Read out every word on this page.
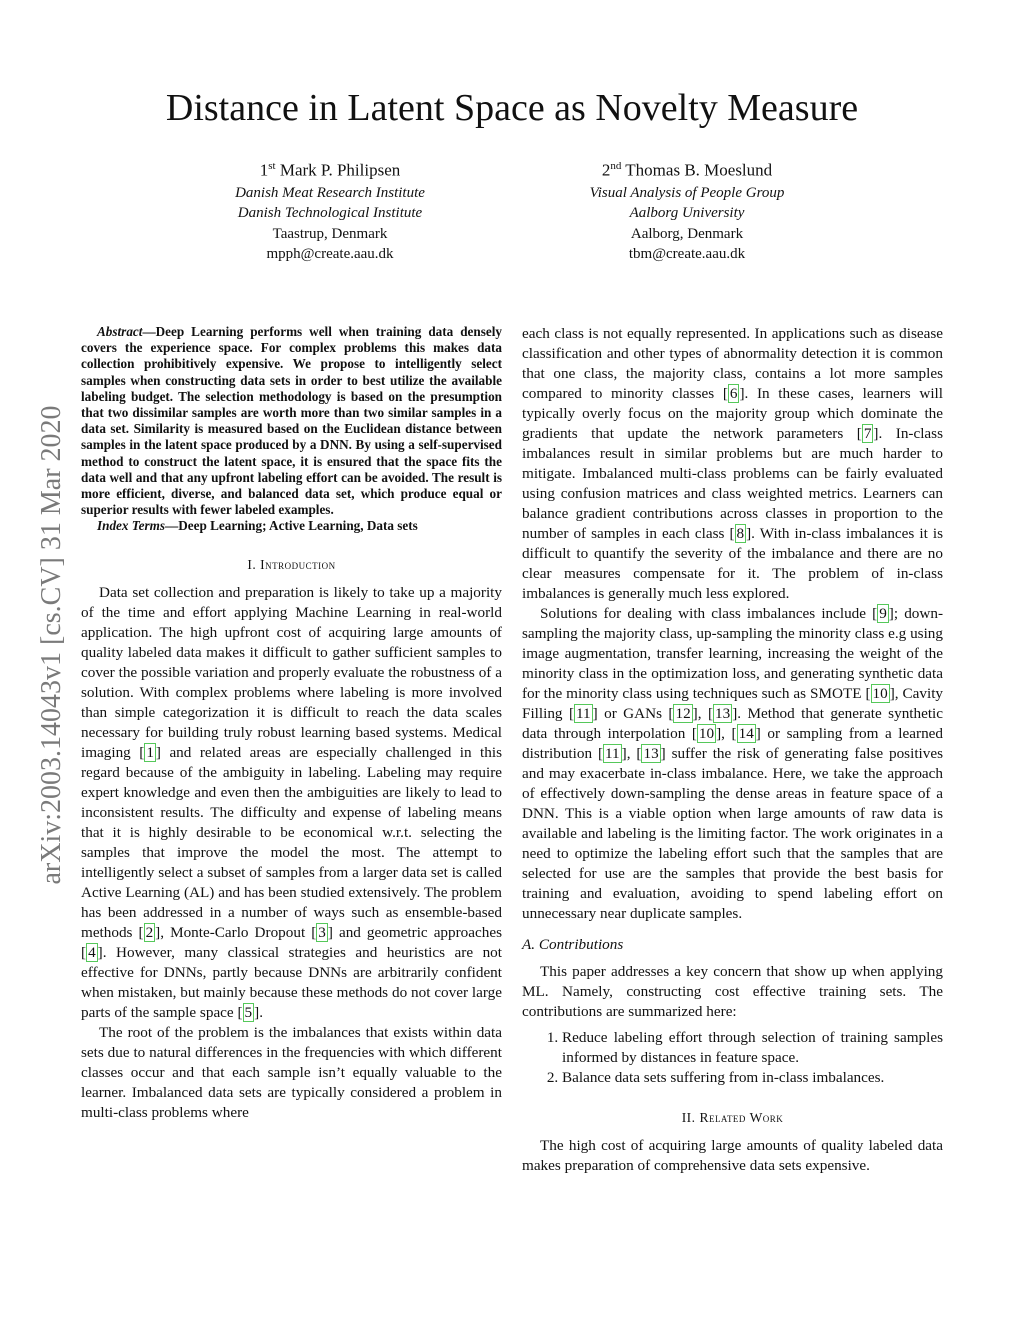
Distance in Latent Space as Novelty Measure
1st Mark P. Philipsen
Danish Meat Research Institute
Danish Technological Institute
Taastrup, Denmark
mpph@create.aau.dk
2nd Thomas B. Moeslund
Visual Analysis of People Group
Aalborg University
Aalborg, Denmark
tbm@create.aau.dk
arXiv:2003.14043v1 [cs.CV] 31 Mar 2020

Abstract—Deep Learning performs well when training data densely covers the experience space. For complex problems this makes data collection prohibitively expensive. We propose to intelligently select samples when constructing data sets in order to best utilize the available labeling budget. The selection methodology is based on the presumption that two dissimilar samples are worth more than two similar samples in a data set. Similarity is measured based on the Euclidean distance between samples in the latent space produced by a DNN. By using a self-supervised method to construct the latent space, it is ensured that the space fits the data well and that any upfront labeling effort can be avoided. The result is more efficient, diverse, and balanced data set, which produce equal or superior results with fewer labeled examples.

Index Terms—Deep Learning; Active Learning, Data sets

I. Introduction

Data set collection and preparation is likely to take up a majority of the time and effort applying Machine Learning in real-world application. The high upfront cost of acquiring large amounts of quality labeled data makes it difficult to gather sufficient samples to cover the possible variation and properly evaluate the robustness of a solution. With complex problems where labeling is more involved than simple categorization it is difficult to reach the data scales necessary for building truly robust learning based systems. Medical imaging [ 1 ] and related areas are especially challenged in this regard because of the ambiguity in labeling. Labeling may require expert knowledge and even then the ambiguities are likely to lead to inconsistent results. The difficulty and expense of labeling means that it is highly desirable to be economical w.r.t. selecting the samples that improve the model the most. The attempt to intelligently select a subset of samples from a larger data set is called Active Learning (AL) and has been studied extensively. The problem has been addressed in a number of ways such as ensemble-based methods [ 2 ], Monte-Carlo Dropout [ 3 ] and geometric approaches [ 4 ]. However, many classical strategies and heuristics are not effective for DNNs, partly because DNNs are arbitrarily confident when mistaken, but mainly because these methods do not cover large parts of the sample space [ 5 ].

The root of the problem is the imbalances that exists within data sets due to natural differences in the frequencies with which different classes occur and that each sample isn’t equally valuable to the learner. Imbalanced data sets are typically considered a problem in multi-class problems where

each class is not equally represented. In applications such as disease classification and other types of abnormality detection it is common that one class, the majority class, contains a lot more samples compared to minority classes [ 6 ]. In these cases, learners will typically overly focus on the majority group which dominate the gradients that update the network parameters [ 7 ]. In-class imbalances result in similar problems but are much harder to mitigate. Imbalanced multi-class problems can be fairly evaluated using confusion matrices and class weighted metrics. Learners can balance gradient contributions across classes in proportion to the number of samples in each class [ 8 ]. With in-class imbalances it is difficult to quantify the severity of the imbalance and there are no clear measures compensate for it. The problem of in-class imbalances is generally much less explored.

Solutions for dealing with class imbalances include [ 9 ]; down-sampling the majority class, up-sampling the minority class e.g using image augmentation, transfer learning, increasing the weight of the minority class in the optimization loss, and generating synthetic data for the minority class using techniques such as SMOTE [ 10 ], Cavity Filling [ 11 ] or GANs [ 12 ], [ 13 ]. Method that generate synthetic data through interpolation [ 10 ], [ 14 ] or sampling from a learned distribution [ 11 ], [ 13 ] suffer the risk of generating false positives and may exacerbate in-class imbalance. Here, we take the approach of effectively down-sampling the dense areas in feature space of a DNN. This is a viable option when large amounts of raw data is available and labeling is the limiting factor. The work originates in a need to optimize the labeling effort such that the samples that are selected for use are the samples that provide the best basis for training and evaluation, avoiding to spend labeling effort on unnecessary near duplicate samples.

A. Contributions

This paper addresses a key concern that show up when applying ML. Namely, constructing cost effective training sets. The contributions are summarized here:

1. Reduce labeling effort through selection of training samples informed by distances in feature space.
2. Balance data sets suffering from in-class imbalances.
II. Related Work

The high cost of acquiring large amounts of quality labeled data makes preparation of comprehensive data sets expensive.
